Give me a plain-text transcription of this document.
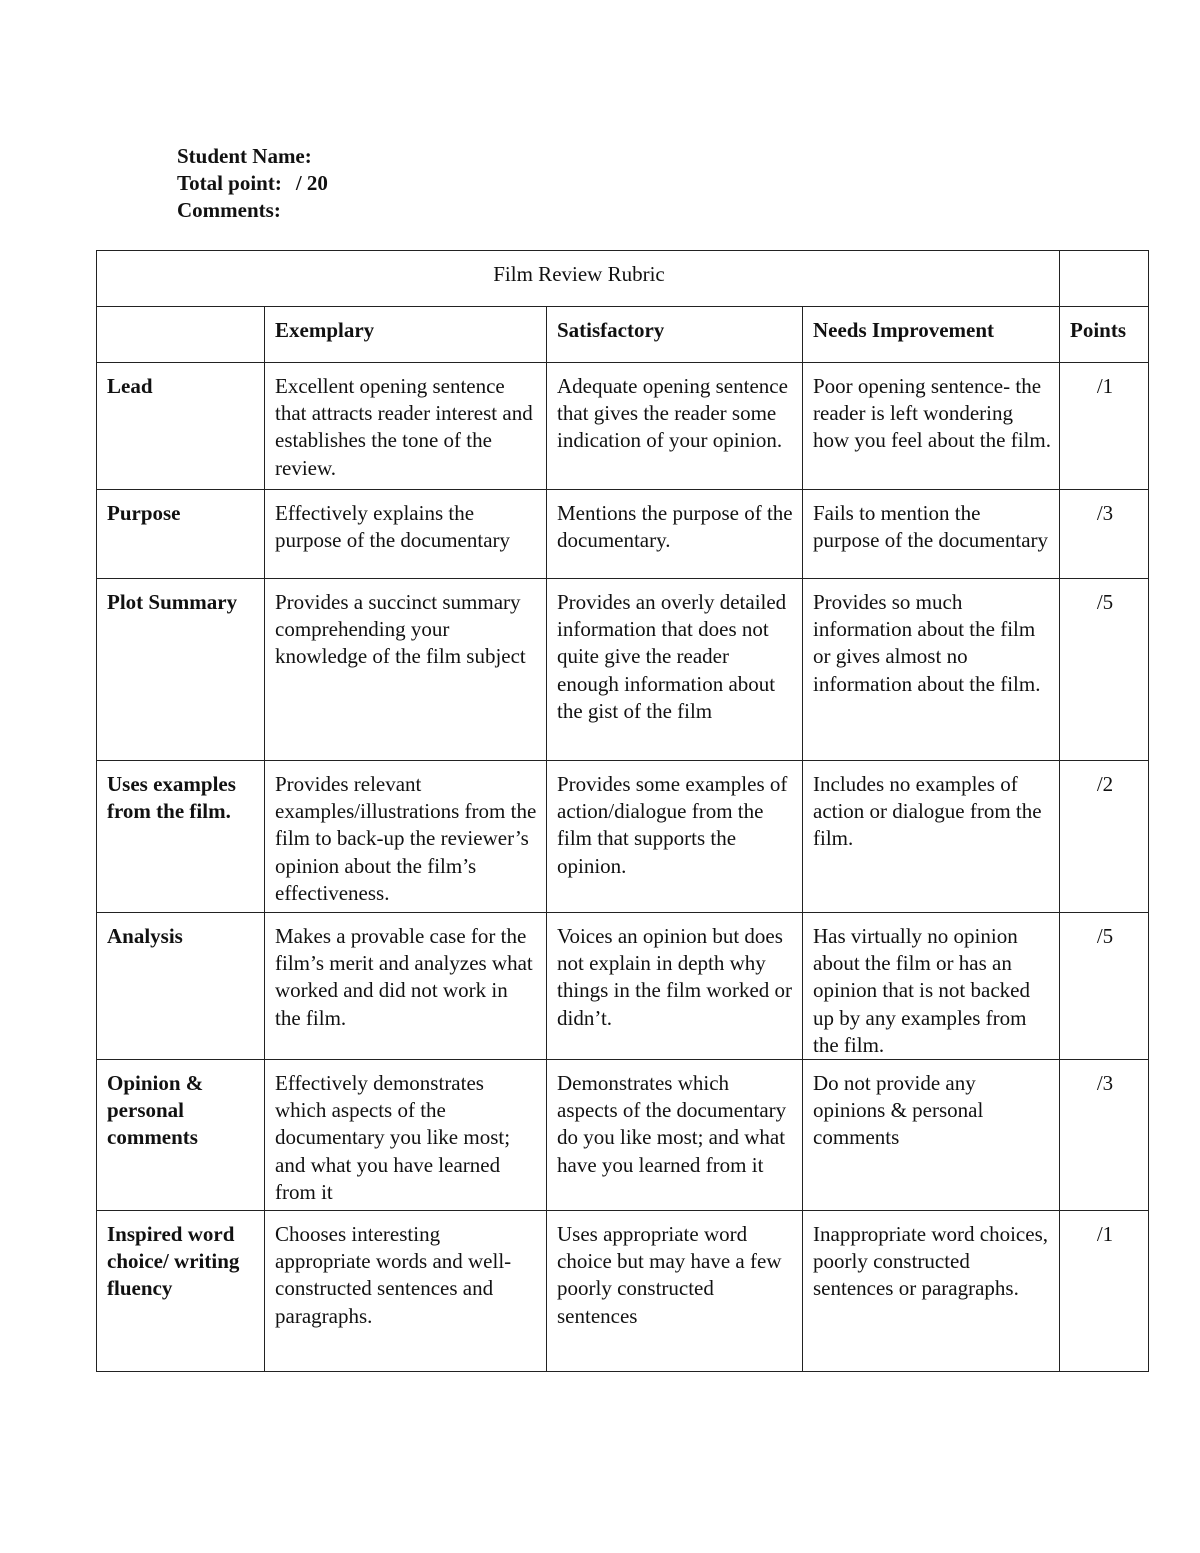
Student Name:
Total point: / 20
Comments:
Film Review Rubric				
	Exemplary	Satisfactory	Needs Improvement	Points
Lead	Excellent opening sentence that attracts reader interest and establishes the tone of the review.	Adequate opening sentence that gives the reader some indication of your opinion.	Poor opening sentence- the reader is left wondering how you feel about the film.	/1
Purpose	Effectively explains the purpose of the documentary	Mentions the purpose of the documentary.	Fails to mention the purpose of the documentary	/3
Plot Summary	Provides a succinct summary comprehending your knowledge of the film subject	Provides an overly detailed information that does not quite give the reader enough information about the gist of the film	Provides so much information about the film or gives almost no information about the film.	/5
Uses examples from the film.	Provides relevant examples/illustrations from the film to back-up the reviewer’s opinion about the film’s effectiveness.	Provides some examples of action/dialogue from the film that supports the opinion.	Includes no examples of action or dialogue from the film.	/2
Analysis	Makes a provable case for the film’s merit and analyzes what worked and did not work in the film.	Voices an opinion but does not explain in depth why things in the film worked or didn’t.	Has virtually no opinion about the film or has an opinion that is not backed up by any examples from the film.	/5
Opinion & personal comments	Effectively demonstrates which aspects of the documentary you like most; and what you have learned from it	Demonstrates which aspects of the documentary do you like most; and what have you learned from it	Do not provide any opinions & personal comments	/3
Inspired word choice/ writing fluency	Chooses interesting appropriate words and well-constructed sentences and paragraphs.	Uses appropriate word choice but may have a few poorly constructed sentences	Inappropriate word choices, poorly constructed sentences or paragraphs.	/1
